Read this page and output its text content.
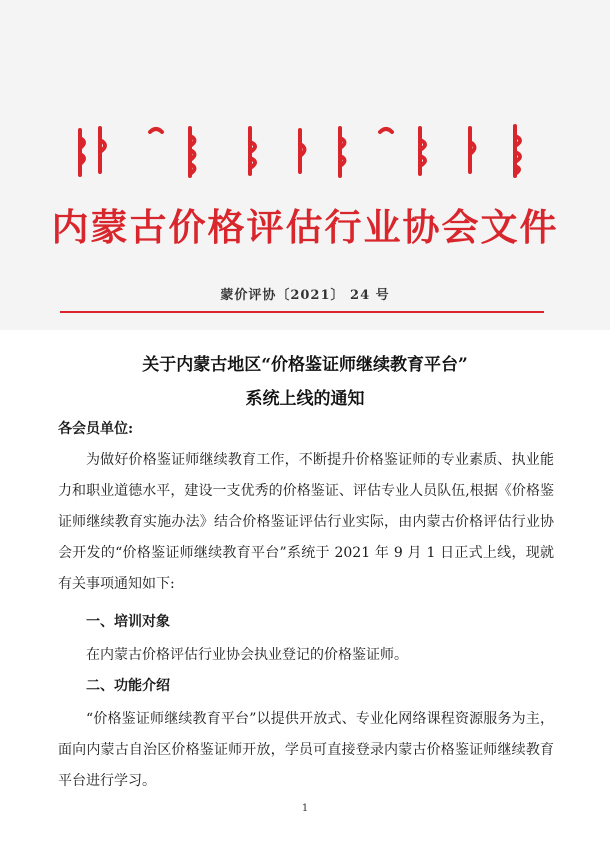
内蒙古价格评估行业协会文件
蒙价评协〔2021〕 24 号
关于内蒙古地区“价格鉴证师继续教育平台”
系统上线的通知
各会员单位:
为做好价格鉴证师继续教育工作，不断提升价格鉴证师的专业素质、执业能力和职业道德水平，建设一支优秀的价格鉴证、评估专业人员队伍,根据《价格鉴证师继续教育实施办法》结合价格鉴证评估行业实际，由内蒙古价格评估行业协会开发的“价格鉴证师继续教育平台”系统于 2021 年 9 月 1 日正式上线，现就有关事项通知如下:
一、培训对象
在内蒙古价格评估行业协会执业登记的价格鉴证师。
二、功能介绍
“价格鉴证师继续教育平台”以提供开放式、专业化网络课程资源服务为主，面向内蒙古自治区价格鉴证师开放，学员可直接登录内蒙古价格鉴证师继续教育平台进行学习。
1
